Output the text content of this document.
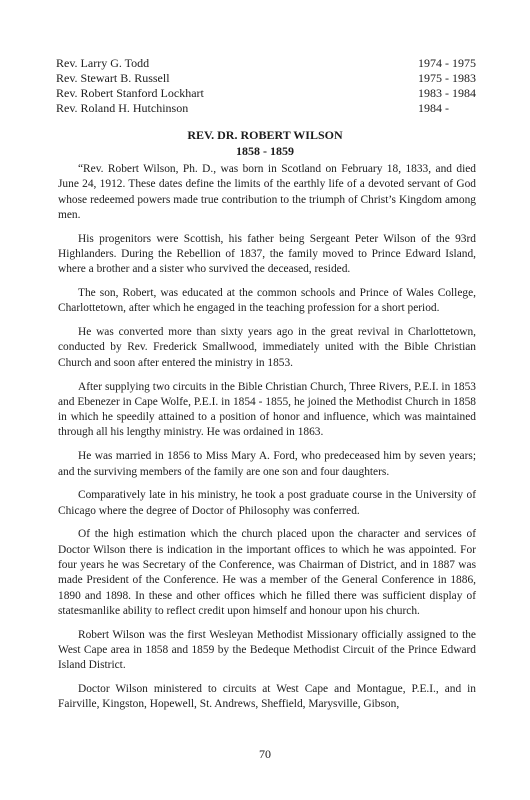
Rev. Larry G. Todd	1974 - 1975
Rev. Stewart B. Russell	1975 - 1983
Rev. Robert Stanford Lockhart	1983 - 1984
Rev. Roland H. Hutchinson	1984 -
REV. DR. ROBERT WILSON
1858 - 1859

“Rev. Robert Wilson, Ph. D., was born in Scotland on February 18, 1833, and died June 24, 1912. These dates define the limits of the earthly life of a devoted servant of God whose redeemed powers made true contribution to the triumph of Christ’s Kingdom among men.

His progenitors were Scottish, his father being Sergeant Peter Wilson of the 93rd Highlanders. During the Rebellion of 1837, the family moved to Prince Edward Island, where a brother and a sister who survived the deceased, resided.

The son, Robert, was educated at the common schools and Prince of Wales College, Charlottetown, after which he engaged in the teaching profession for a short period.

He was converted more than sixty years ago in the great revival in Charlottetown, conducted by Rev. Frederick Smallwood, immediately united with the Bible Christian Church and soon after entered the ministry in 1853.

After supplying two circuits in the Bible Christian Church, Three Rivers, P.E.I. in 1853 and Ebenezer in Cape Wolfe, P.E.I. in 1854 - 1855, he joined the Methodist Church in 1858 in which he speedily attained to a position of honor and influence, which was maintained through all his lengthy ministry. He was ordained in 1863.

He was married in 1856 to Miss Mary A. Ford, who predeceased him by seven years; and the surviving members of the family are one son and four daughters.

Comparatively late in his ministry, he took a post graduate course in the University of Chicago where the degree of Doctor of Philosophy was conferred.

Of the high estimation which the church placed upon the character and services of Doctor Wilson there is indication in the important offices to which he was appointed. For four years he was Secretary of the Conference, was Chairman of District, and in 1887 was made President of the Conference. He was a member of the General Conference in 1886, 1890 and 1898. In these and other offices which he filled there was sufficient display of statesmanlike ability to reflect credit upon himself and honour upon his church.

Robert Wilson was the first Wesleyan Methodist Missionary officially assigned to the West Cape area in 1858 and 1859 by the Bedeque Methodist Circuit of the Prince Edward Island District.

Doctor Wilson ministered to circuits at West Cape and Montague, P.E.I., and in Fairville, Kingston, Hopewell, St. Andrews, Sheffield, Marysville, Gibson,

70
